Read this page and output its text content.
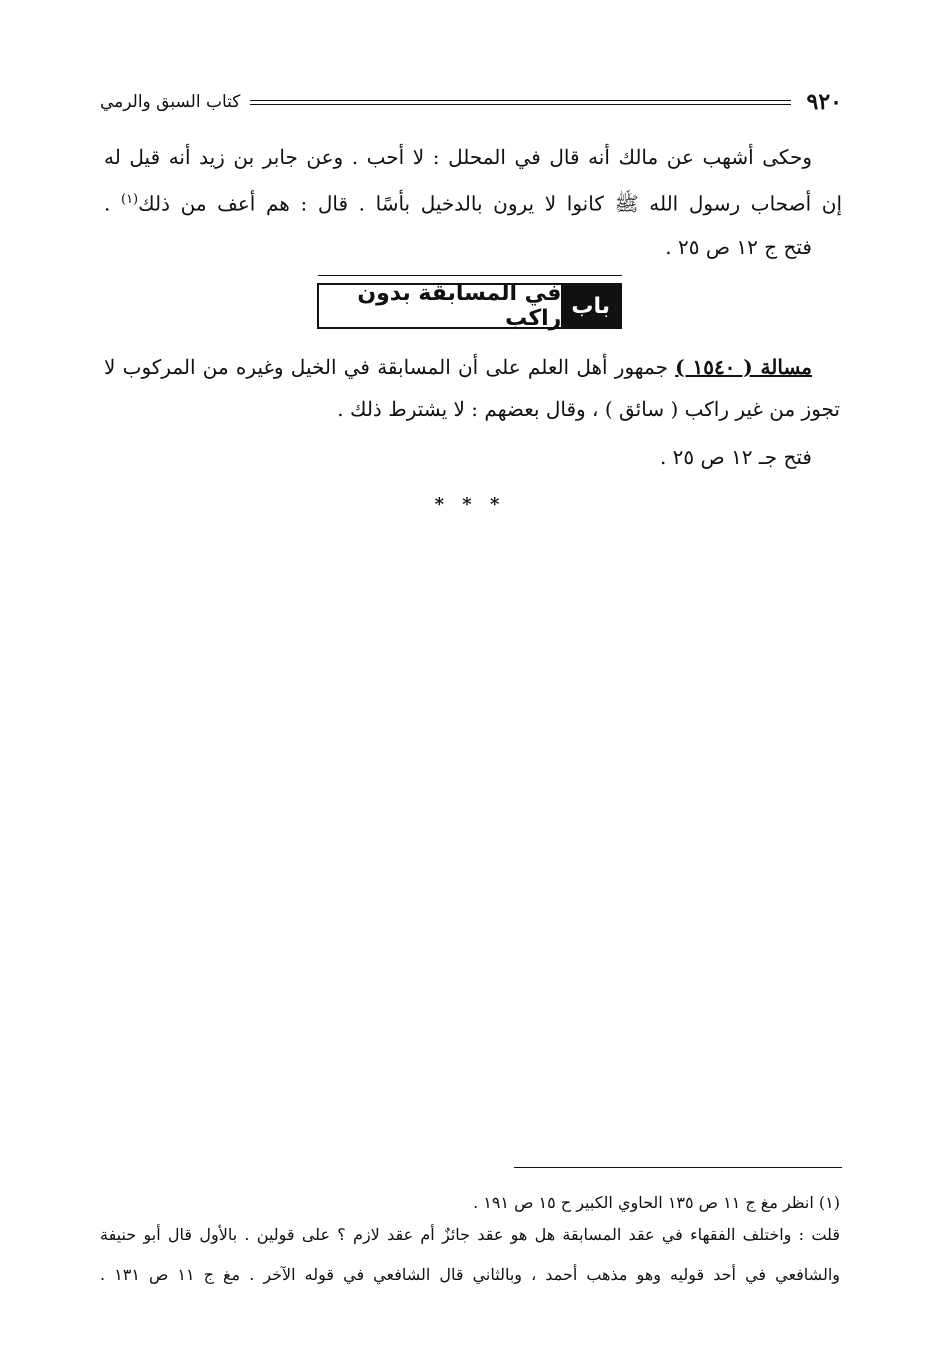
٩٢٠
كتاب السبق والرمي
وحكى أشهب عن مالك أنه قال في المحلل : لا أحب . وعن جابر بن زيد أنه قيل له
إن أصحاب رسول الله ﷺ كانوا لا يرون بالدخيل بأسًا . قال : هم أعف من ذلك$^{(١)}$ .
فتح ج ١٢ ص ٢٥ .
باب
في المسابقة بدون راكب
مسالة ( ١٥٤٠ ) جمهور أهل العلم على أن المسابقة في الخيل وغيره من المركوب لا
تجوز من غير راكب ( سائق ) ، وقال بعضهم : لا يشترط ذلك .
فتح جـ ١٢ ص ٢٥ .
* * *
(١) انظر مغ ج ١١ ص ١٣٥ الحاوي الكبير ح ١٥ ص ١٩١ .
قلت : واختلف الفقهاء في عقد المسابقة هل هو عقد جائزٌ أم عقد لازم ؟ على قولين . بالأول قال أبو حنيفة
والشافعي في أحد قوليه وهو مذهب أحمد ، وبالثاني قال الشافعي في قوله الآخر . مغ ج ١١ ص ١٣١ .
